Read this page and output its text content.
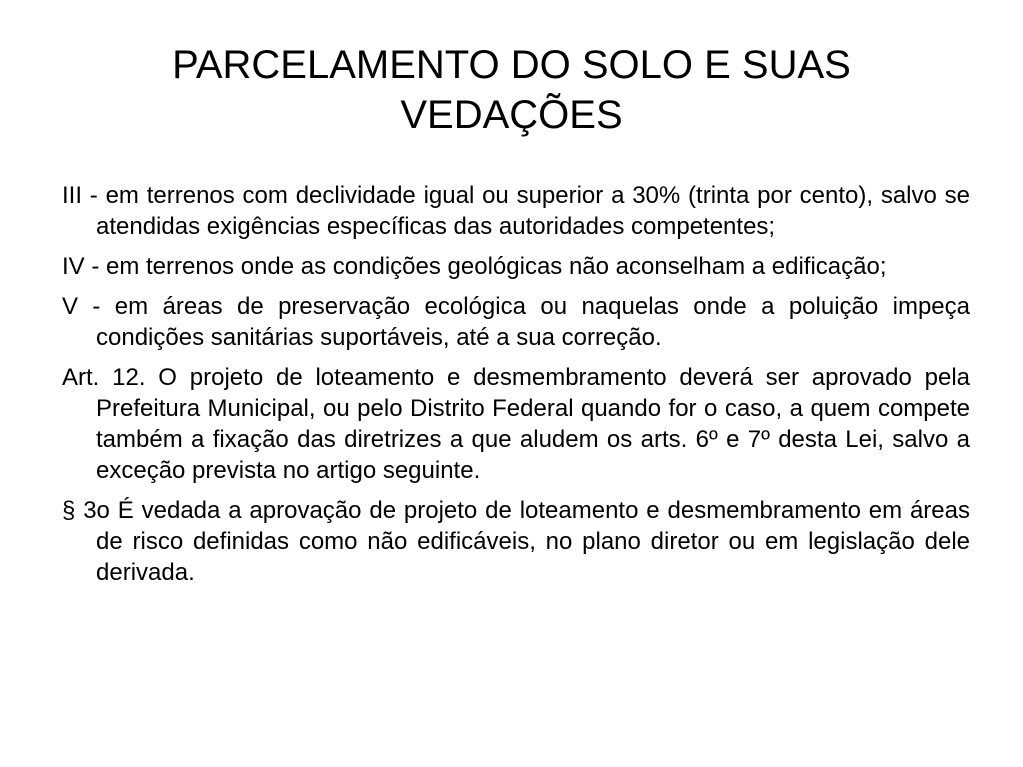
PARCELAMENTO DO SOLO E SUAS
VEDAÇÕES
III - em terrenos com declividade igual ou superior a 30% (trinta por cento), salvo se atendidas exigências específicas das autoridades competentes;
IV - em terrenos onde as condições geológicas não aconselham a edificação;
V - em áreas de preservação ecológica ou naquelas onde a poluição impeça condições sanitárias suportáveis, até a sua correção.
Art. 12. O projeto de loteamento e desmembramento deverá ser aprovado pela Prefeitura Municipal, ou pelo Distrito Federal quando for o caso, a quem compete também a fixação das diretrizes a que aludem os arts. 6º e 7º desta Lei, salvo a exceção prevista no artigo seguinte.
§ 3o É vedada a aprovação de projeto de loteamento e desmembramento em áreas de risco definidas como não edificáveis, no plano diretor ou em legislação dele derivada.
